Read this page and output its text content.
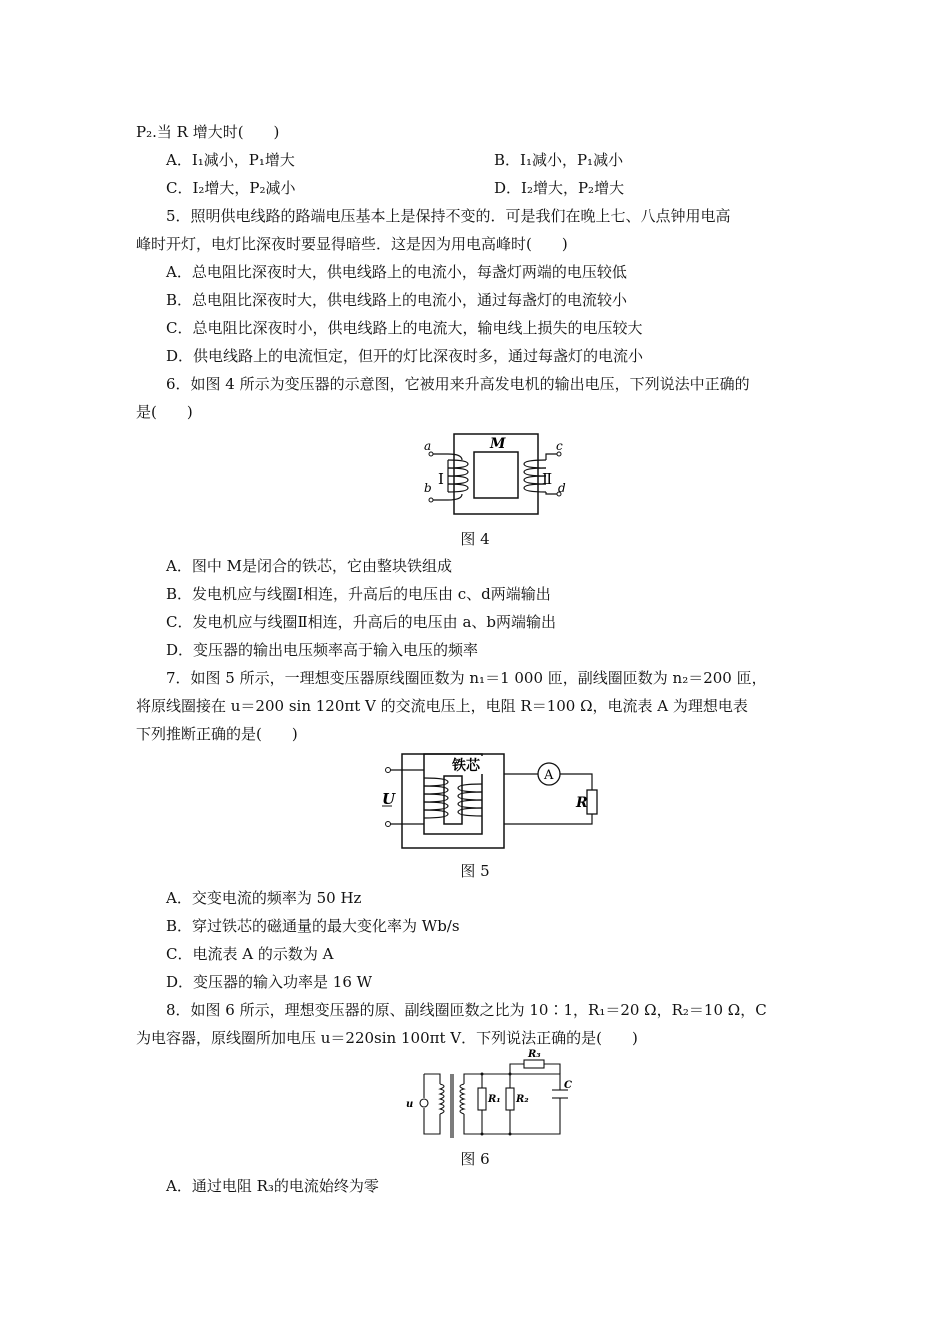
P₂.当 R 增大时(　　)
A．I₁减小，P₁增大	B．I₁减小，P₁减小
C．I₂增大，P₂减小	D．I₂增大，P₂增大
5．照明供电线路的路端电压基本上是保持不变的．可是我们在晚上七、八点钟用电高
峰时开灯，电灯比深夜时要显得暗些．这是因为用电高峰时(　　)
A．总电阻比深夜时大，供电线路上的电流小，每盏灯两端的电压较低
B．总电阻比深夜时大，供电线路上的电流小，通过每盏灯的电流较小
C．总电阻比深夜时小，供电线路上的电流大，输电线上损失的电压较大
D．供电线路上的电流恒定，但开的灯比深夜时多，通过每盏灯的电流小
6．如图 4 所示为变压器的示意图，它被用来升高发电机的输出电压，下列说法中正确的
是(　　)
M
a
b
c
d
Ⅰ	Ⅱ
图 4
A．图中 M是闭合的铁芯，它由整块铁组成
B．发电机应与线圈Ⅰ相连，升高后的电压由 c、d两端输出
C．发电机应与线圈Ⅱ相连，升高后的电压由 a、b两端输出
D．变压器的输出电压频率高于输入电压的频率
7．如图 5 所示，一理想变压器原线圈匝数为 n₁＝1 000 匝，副线圈匝数为 n₂＝200 匝，
将原线圈接在 u＝200 sin 120πt V 的交流电压上，电阻 R＝100 Ω，电流表 A 为理想电表
下列推断正确的是(　　)
铁芯
A
R
U
图 5
A．交变电流的频率为 50 Hz
B．穿过铁芯的磁通量的最大变化率为 Wb/s
C．电流表 A 的示数为 A
D．变压器的输入功率是 16 W
8．如图 6 所示，理想变压器的原、副线圈匝数之比为 10∶1，R₁＝20 Ω，R₂＝10 Ω，C
为电容器，原线圈所加电压 u＝220sin 100πt V．下列说法正确的是(　　)
u	R₁ R₂
R₃
C
图 6
A．通过电阻 R₃的电流始终为零
